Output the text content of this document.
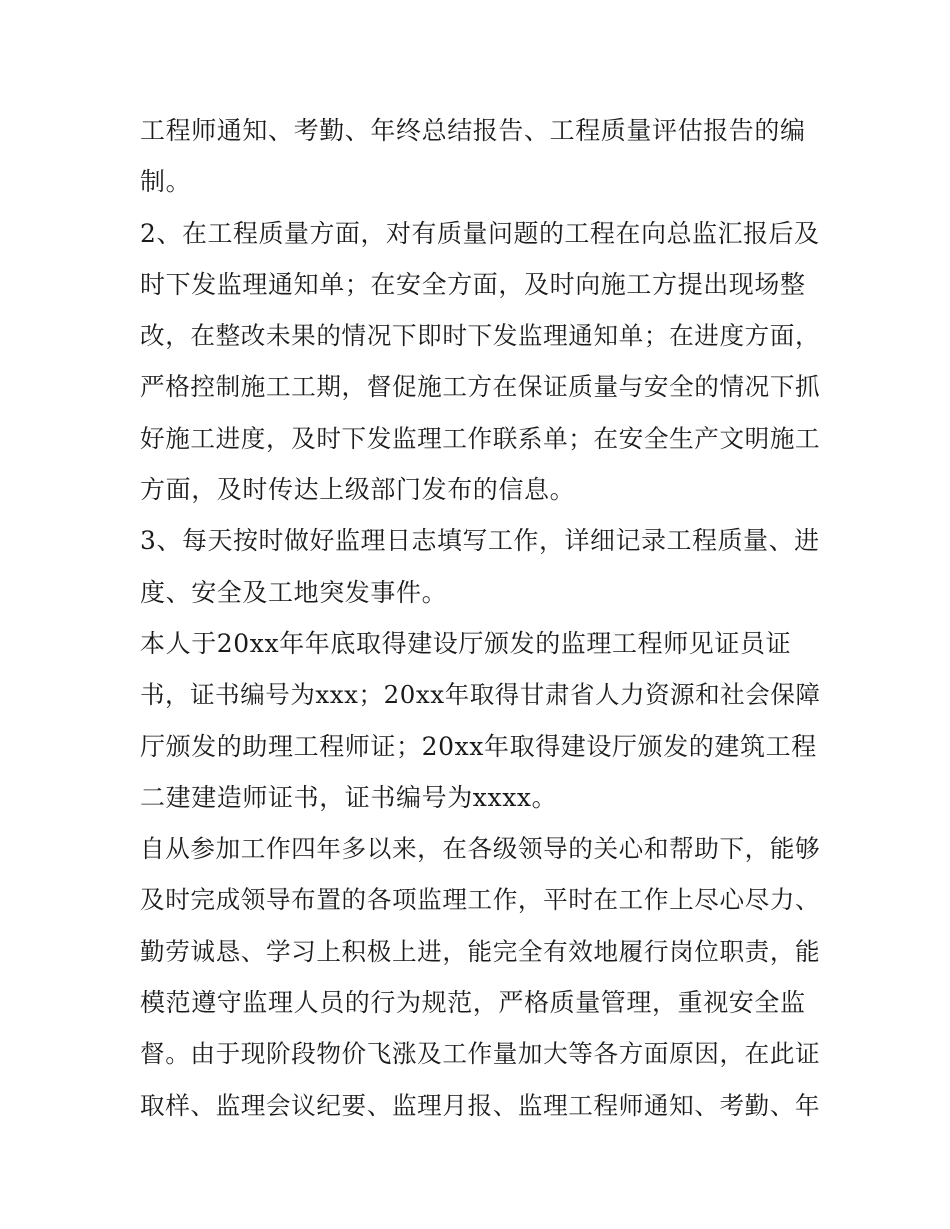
工程师通知、考勤、年终总结报告、工程质量评估报告的编
制。
2、在工程质量方面，对有质量问题的工程在向总监汇报后及
时下发监理通知单；在安全方面，及时向施工方提出现场整
改，在整改未果的情况下即时下发监理通知单；在进度方面，
严格控制施工工期，督促施工方在保证质量与安全的情况下抓
好施工进度，及时下发监理工作联系单；在安全生产文明施工
方面，及时传达上级部门发布的信息。
3、每天按时做好监理日志填写工作，详细记录工程质量、进
度、安全及工地突发事件。
本人于20xx年年底取得建设厅颁发的监理工程师见证员证
书，证书编号为xxx；20xx年取得甘肃省人力资源和社会保障
厅颁发的助理工程师证；20xx年取得建设厅颁发的建筑工程
二建建造师证书，证书编号为xxxx。
自从参加工作四年多以来，在各级领导的关心和帮助下，能够
及时完成领导布置的各项监理工作，平时在工作上尽心尽力、
勤劳诚恳、学习上积极上进，能完全有效地履行岗位职责，能
模范遵守监理人员的行为规范，严格质量管理，重视安全监
督。由于现阶段物价飞涨及工作量加大等各方面原因，在此证
取样、监理会议纪要、监理月报、监理工程师通知、考勤、年
